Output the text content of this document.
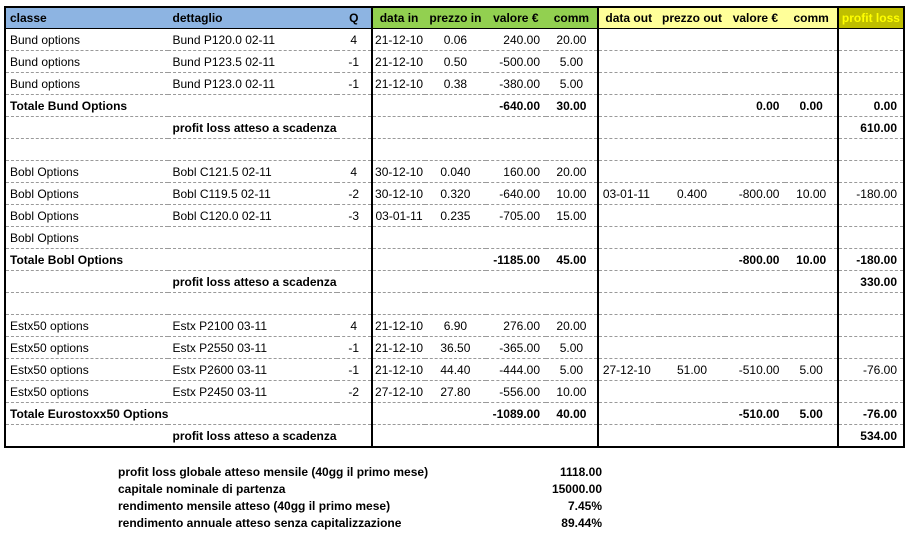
classe	dettaglio	Q	data in	prezzo in	valore €	comm	data out	prezzo out	valore €	comm	profit loss
Bund options	Bund P120.0 02-11	4	21-12-10	0.06	240.00	20.00					
Bund options	Bund P123.5 02-11	-1	21-12-10	0.50	-500.00	5.00					
Bund options	Bund P123.0 02-11	-1	21-12-10	0.38	-380.00	5.00					
Totale Bund Options					-640.00	30.00			0.00	0.00	0.00
	profit loss atteso a scadenza										610.00

Bobl Options	Bobl C121.5 02-11	4	30-12-10	0.040	160.00	20.00					
Bobl Options	Bobl C119.5 02-11	-2	30-12-10	0.320	-640.00	10.00	03-01-11	0.400	-800.00	10.00	-180.00
Bobl Options	Bobl C120.0 02-11	-3	03-01-11	0.235	-705.00	15.00					
Bobl Options											
Totale Bobl Options					-1185.00	45.00			-800.00	10.00	-180.00
	profit loss atteso a scadenza										330.00

Estx50 options	Estx P2100 03-11	4	21-12-10	6.90	276.00	20.00					
Estx50 options	Estx P2550 03-11	-1	21-12-10	36.50	-365.00	5.00					
Estx50 options	Estx P2600 03-11	-1	21-12-10	44.40	-444.00	5.00	27-12-10	51.00	-510.00	5.00	-76.00
Estx50 options	Estx P2450 03-11	-2	27-12-10	27.80	-556.00	10.00					
Totale Eurostoxx50 Options					-1089.00	40.00			-510.00	5.00	-76.00
	profit loss atteso a scadenza										534.00
profit loss globale atteso mensile (40gg il primo mese)	1118.00
capitale nominale di partenza	15000.00
rendimento mensile atteso (40gg il primo mese)	7.45%
rendimento annuale atteso senza capitalizzazione	89.44%
